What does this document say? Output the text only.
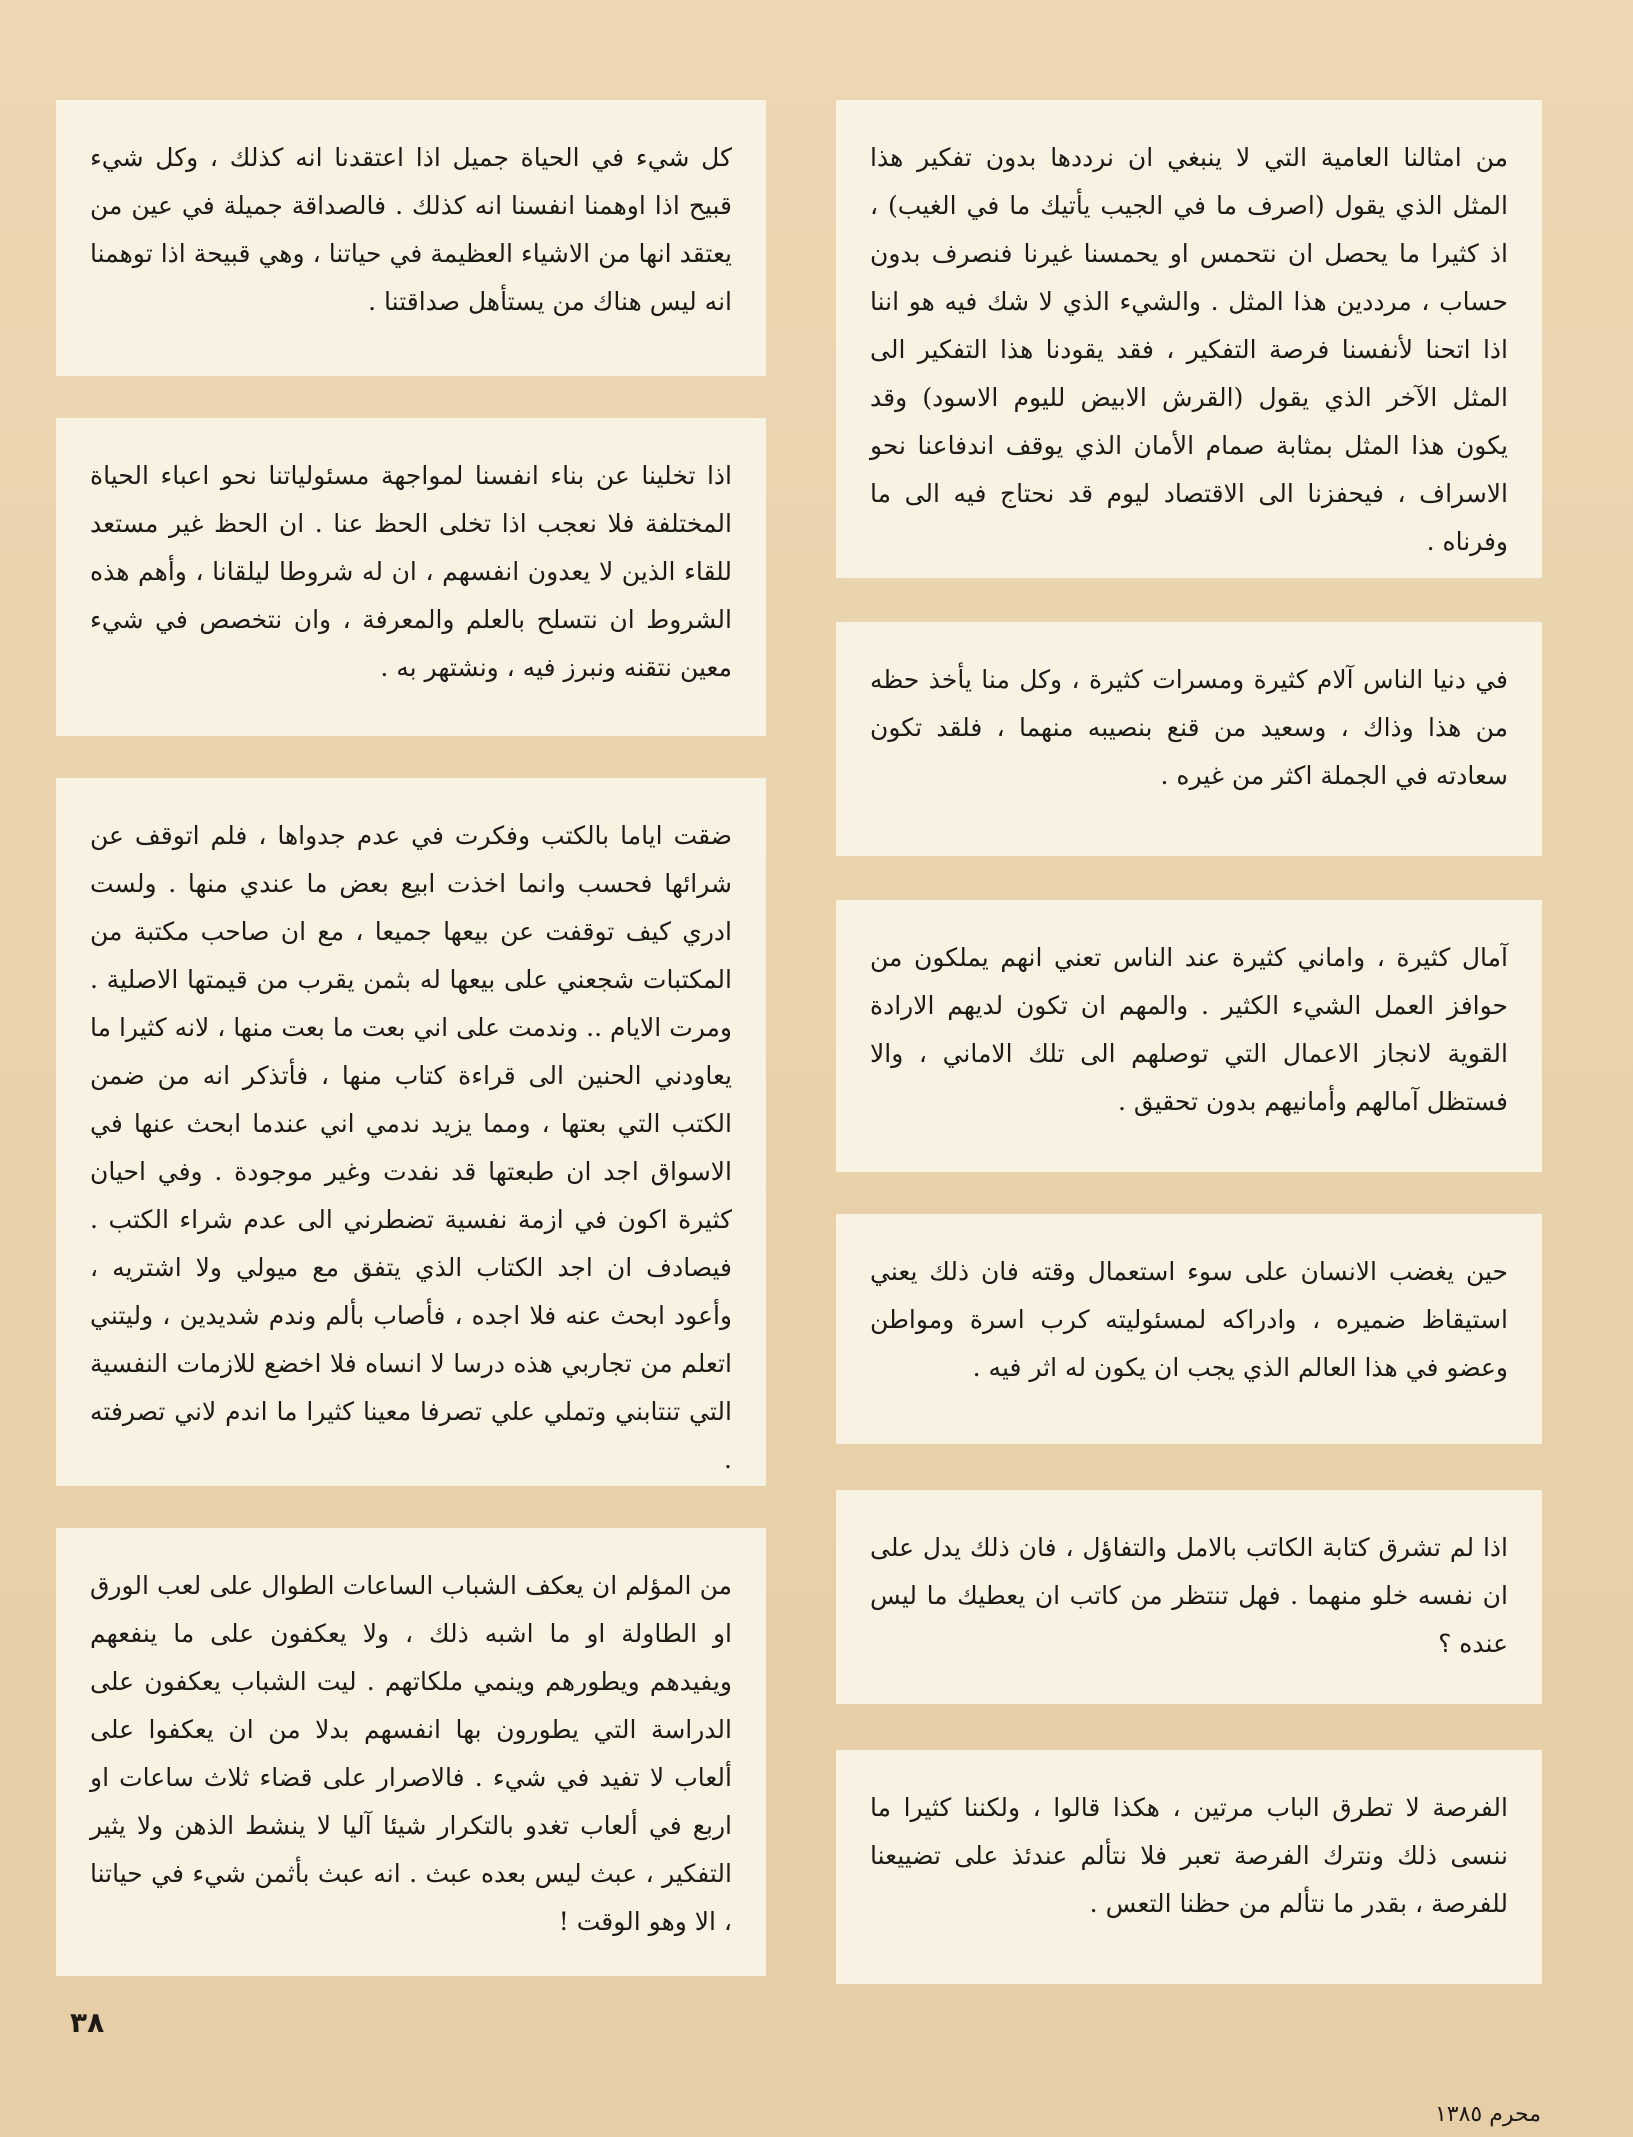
من امثالنا العامية التي لا ينبغي ان نرددها بدون تفكير هذا المثل الذي يقول (اصرف ما في الجيب يأتيك ما في الغيب) ، اذ كثيرا ما يحصل ان نتحمس او يحمسنا غيرنا فنصرف بدون حساب ، مرددين هذا المثل . والشيء الذي لا شك فيه هو اننا اذا اتحنا لأنفسنا فرصة التفكير ، فقد يقودنا هذا التفكير الى المثل الآخر الذي يقول (القرش الابيض لليوم الاسود) وقد يكون هذا المثل بمثابة صمام الأمان الذي يوقف اندفاعنا نحو الاسراف ، فيحفزنا الى الاقتصاد ليوم قد نحتاج فيه الى ما وفرناه .

في دنيا الناس آلام كثيرة ومسرات كثيرة ، وكل منا يأخذ حظه من هذا وذاك ، وسعيد من قنع بنصيبه منهما ، فلقد تكون سعادته في الجملة اكثر من غيره .

آمال كثيرة ، واماني كثيرة عند الناس تعني انهم يملكون من حوافز العمل الشيء الكثير . والمهم ان تكون لديهم الارادة القوية لانجاز الاعمال التي توصلهم الى تلك الاماني ، والا فستظل آمالهم وأمانيهم بدون تحقيق .

حين يغضب الانسان على سوء استعمال وقته فان ذلك يعني استيقاظ ضميره ، وادراكه لمسئوليته كرب اسرة ومواطن وعضو في هذا العالم الذي يجب ان يكون له اثر فيه .

اذا لم تشرق كتابة الكاتب بالامل والتفاؤل ، فان ذلك يدل على ان نفسه خلو منهما . فهل تنتظر من كاتب ان يعطيك ما ليس عنده ؟

الفرصة لا تطرق الباب مرتين ، هكذا قالوا ، ولكننا كثيرا ما ننسى ذلك ونترك الفرصة تعبر فلا نتألم عندئذ على تضييعنا للفرصة ، بقدر ما نتألم من حظنا التعس .

كل شيء في الحياة جميل اذا اعتقدنا انه كذلك ، وكل شيء قبيح اذا اوهمنا انفسنا انه كذلك . فالصداقة جميلة في عين من يعتقد انها من الاشياء العظيمة في حياتنا ، وهي قبيحة اذا توهمنا انه ليس هناك من يستأهل صداقتنا .

اذا تخلينا عن بناء انفسنا لمواجهة مسئولياتنا نحو اعباء الحياة المختلفة فلا نعجب اذا تخلى الحظ عنا . ان الحظ غير مستعد للقاء الذين لا يعدون انفسهم ، ان له شروطا ليلقانا ، وأهم هذه الشروط ان نتسلح بالعلم والمعرفة ، وان نتخصص في شيء معين نتقنه ونبرز فيه ، ونشتهر به .

ضقت اياما بالكتب وفكرت في عدم جدواها ، فلم اتوقف عن شرائها فحسب وانما اخذت ابيع بعض ما عندي منها . ولست ادري كيف توقفت عن بيعها جميعا ، مع ان صاحب مكتبة من المكتبات شجعني على بيعها له بثمن يقرب من قيمتها الاصلية . ومرت الايام .. وندمت على اني بعت ما بعت منها ، لانه كثيرا ما يعاودني الحنين الى قراءة كتاب منها ، فأتذكر انه من ضمن الكتب التي بعتها ، ومما يزيد ندمي اني عندما ابحث عنها في الاسواق اجد ان طبعتها قد نفدت وغير موجودة . وفي احيان كثيرة اكون في ازمة نفسية تضطرني الى عدم شراء الكتب . فيصادف ان اجد الكتاب الذي يتفق مع ميولي ولا اشتريه ، وأعود ابحث عنه فلا اجده ، فأصاب بألم وندم شديدين ، وليتني اتعلم من تجاربي هذه درسا لا انساه فلا اخضع للازمات النفسية التي تنتابني وتملي علي تصرفا معينا كثيرا ما اندم لاني تصرفته .

من المؤلم ان يعكف الشباب الساعات الطوال على لعب الورق او الطاولة او ما اشبه ذلك ، ولا يعكفون على ما ينفعهم ويفيدهم ويطورهم وينمي ملكاتهم . ليت الشباب يعكفون على الدراسة التي يطورون بها انفسهم بدلا من ان يعكفوا على ألعاب لا تفيد في شيء . فالاصرار على قضاء ثلاث ساعات او اربع في ألعاب تغدو بالتكرار شيئا آليا لا ينشط الذهن ولا يثير التفكير ، عبث ليس بعده عبث . انه عبث بأثمن شيء في حياتنا ، الا وهو الوقت !

٣٨
محرم ١٣٨٥
